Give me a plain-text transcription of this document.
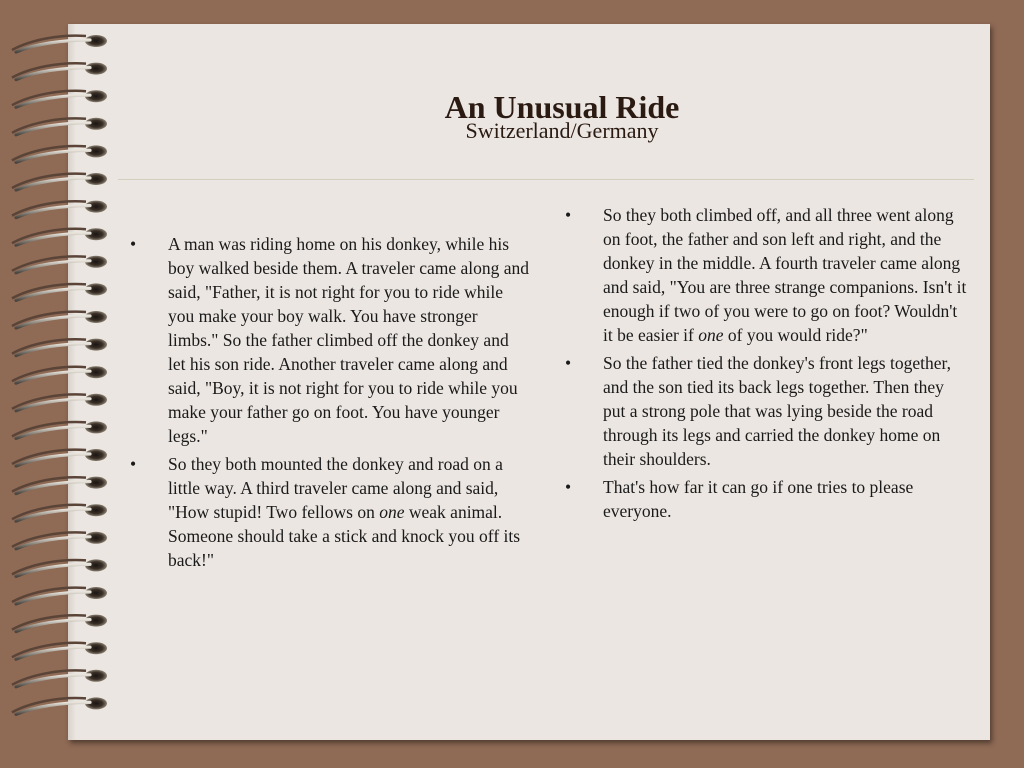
An Unusual Ride
Switzerland/Germany
• A man was riding home on his donkey, while his boy walked beside them. A traveler came along and said, "Father, it is not right for you to ride while you make your boy walk. You have stronger limbs." So the father climbed off the donkey and let his son ride. Another traveler came along and said, "Boy, it is not right for you to ride while you make your father go on foot. You have younger legs."
• So they both mounted the donkey and road on a little way. A third traveler came along and said, "How stupid! Two fellows on one weak animal. Someone should take a stick and knock you off its back!"
• So they both climbed off, and all three went along on foot, the father and son left and right, and the donkey in the middle. A fourth traveler came along and said, "You are three strange companions. Isn't it enough if two of you were to go on foot? Wouldn't it be easier if one of you would ride?"
• So the father tied the donkey's front legs together, and the son tied its back legs together. Then they put a strong pole that was lying beside the road through its legs and carried the donkey home on their shoulders.
• That's how far it can go if one tries to please everyone.
